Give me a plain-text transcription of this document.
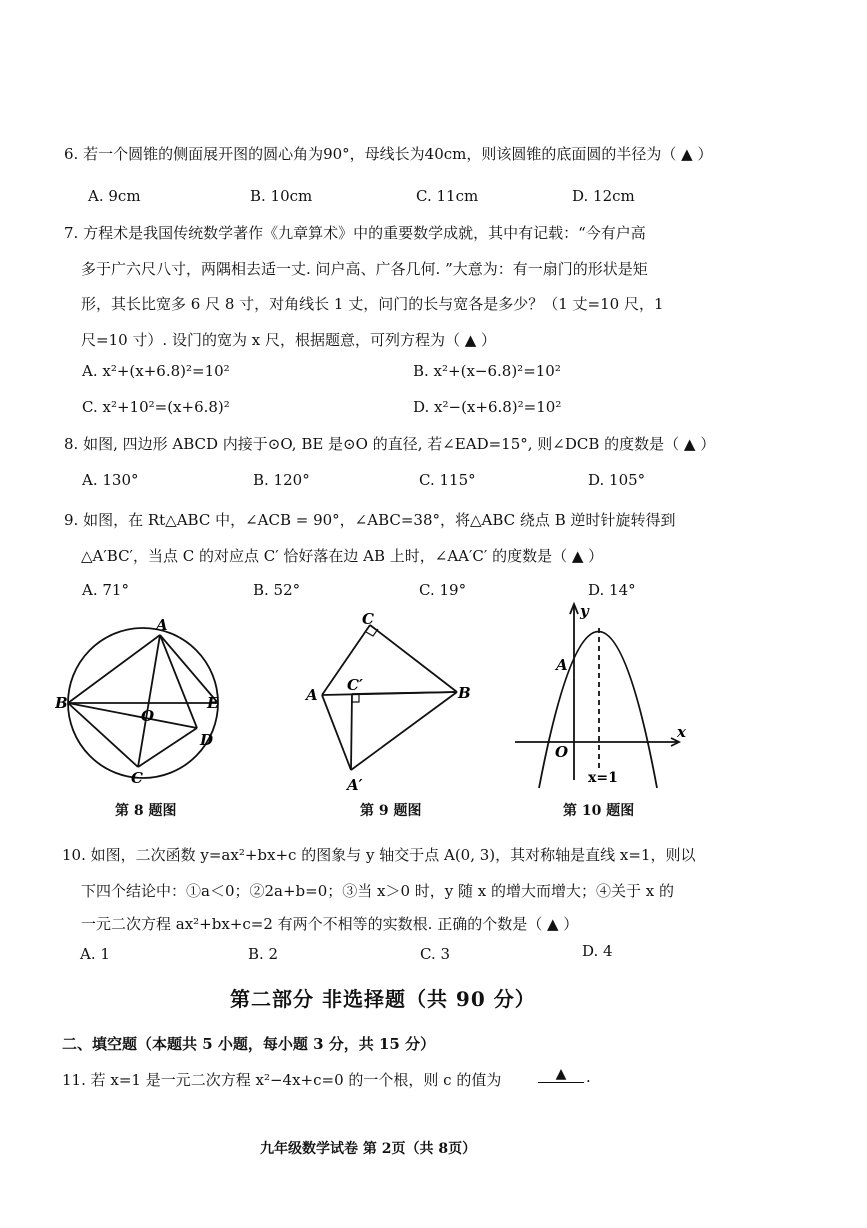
6. 若一个圆锥的侧面展开图的圆心角为90°，母线长为40cm，则该圆锥的底面圆的半径为（ ▲ ）
A. 9cm	B. 10cm	C. 11cm	D. 12cm
7. 方程术是我国传统数学著作《九章算术》中的重要数学成就，其中有记载：“今有户高
多于广六尺八寸，两隅相去适一丈. 问户高、广各几何. ”大意为：有一扇门的形状是矩
形，其长比宽多 6 尺 8 寸，对角线长 1 丈，问门的长与宽各是多少？（1 丈=10 尺，1
尺=10 寸）. 设门的宽为 x 尺，根据题意，可列方程为（ ▲ ）
A. x²+(x+6.8)²=10²	B. x²+(x−6.8)²=10²
C. x²+10²=(x+6.8)²	D. x²−(x+6.8)²=10²
8. 如图, 四边形 ABCD 内接于⊙O, BE 是⊙O 的直径, 若∠EAD=15°, 则∠DCB 的度数是（ ▲ ）
A. 130°	B. 120°	C. 115°	D. 105°
9. 如图，在 Rt△ABC 中，∠ACB = 90°，∠ABC=38°，将△ABC 绕点 B 逆时针旋转得到
△A′BC′，当点 C 的对应点 C′ 恰好落在边 AB 上时，∠AA′C′ 的度数是（ ▲ ）
A. 71°	B. 52°	C. 19°	D. 14°
A
B	E
O
D
C
第 8 题图
C
A	B
C′
A′
第 9 题图
y
x
A
O
x=1
第 10 题图
10. 如图，二次函数 y=ax²+bx+c 的图象与 y 轴交于点 A(0, 3)，其对称轴是直线 x=1，则以
下四个结论中：①a＜0；②2a+b=0；③当 x＞0 时，y 随 x 的增大而增大；④关于 x 的
一元二次方程 ax²+bx+c=2 有两个不相等的实数根. 正确的个数是（ ▲ ）
A. 1	B. 2	C. 3	D. 4
第二部分 非选择题（共 90 分）
二、填空题（本题共 5 小题，每小题 3 分，共 15 分）
11. 若 x=1 是一元二次方程 x²−4x+c=0 的一个根，则 c 的值为	▲	.
九年级数学试卷 第 2页（共 8页）
